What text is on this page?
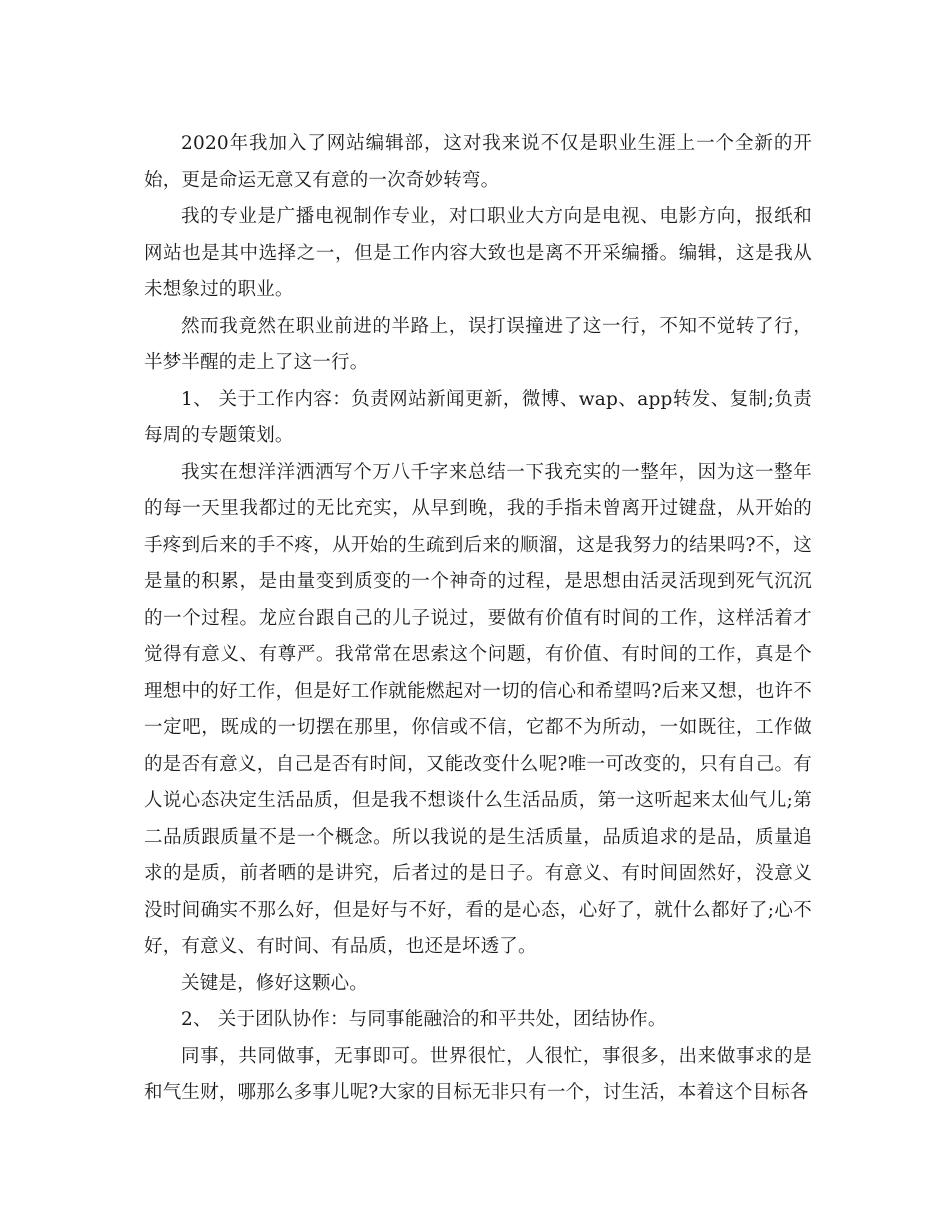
2020年我加入了网站编辑部，这对我来说不仅是职业生涯上一个全新的开始，更是命运无意又有意的一次奇妙转弯。

我的专业是广播电视制作专业，对口职业大方向是电视、电影方向，报纸和网站也是其中选择之一，但是工作内容大致也是离不开采编播。编辑，这是我从未想象过的职业。

然而我竟然在职业前进的半路上，误打误撞进了这一行，不知不觉转了行，半梦半醒的走上了这一行。

1、 关于工作内容：负责网站新闻更新，微博、wap、app转发、复制;负责每周的专题策划。

我实在想洋洋洒洒写个万八千字来总结一下我充实的一整年，因为这一整年的每一天里我都过的无比充实，从早到晚，我的手指未曾离开过键盘，从开始的手疼到后来的手不疼，从开始的生疏到后来的顺溜，这是我努力的结果吗?不，这是量的积累，是由量变到质变的一个神奇的过程，是思想由活灵活现到死气沉沉的一个过程。龙应台跟自己的儿子说过，要做有价值有时间的工作，这样活着才觉得有意义、有尊严。我常常在思索这个问题，有价值、有时间的工作，真是个理想中的好工作，但是好工作就能燃起对一切的信心和希望吗?后来又想，也许不一定吧，既成的一切摆在那里，你信或不信，它都不为所动，一如既往，工作做的是否有意义，自己是否有时间，又能改变什么呢?唯一可改变的，只有自己。有人说心态决定生活品质，但是我不想谈什么生活品质，第一这听起来太仙气儿;第二品质跟质量不是一个概念。所以我说的是生活质量，品质追求的是品，质量追求的是质，前者晒的是讲究，后者过的是日子。有意义、有时间固然好，没意义没时间确实不那么好，但是好与不好，看的是心态，心好了，就什么都好了;心不好，有意义、有时间、有品质，也还是坏透了。

关键是，修好这颗心。

2、 关于团队协作：与同事能融洽的和平共处，团结协作。

同事，共同做事，无事即可。世界很忙，人很忙，事很多，出来做事求的是和气生财，哪那么多事儿呢?大家的目标无非只有一个，讨生活，本着这个目标各
